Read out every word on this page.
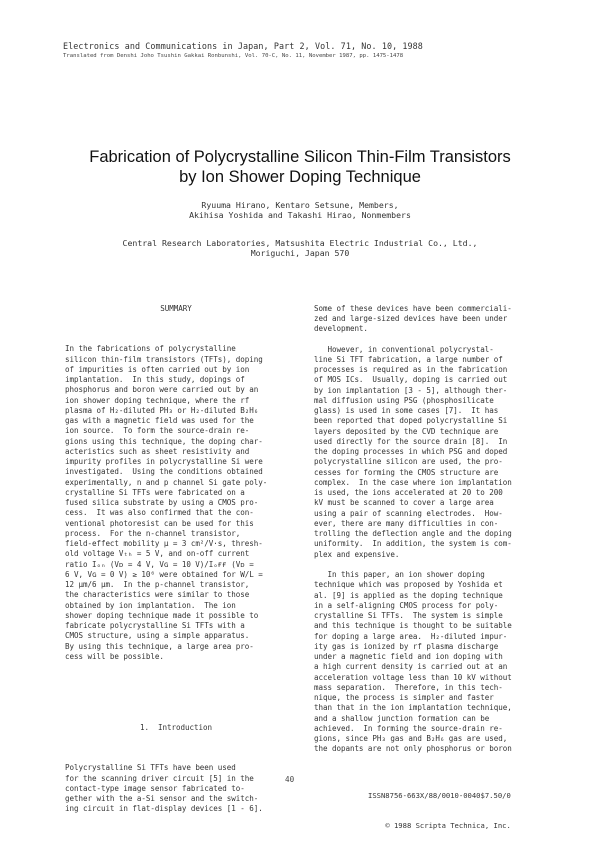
Electronics and Communications in Japan, Part 2, Vol. 71, No. 10, 1988
Translated from Denshi Joho Tsushin Gakkai Ronbunshi, Vol. 70-C, No. 11, November 1987, pp. 1475-1478
Fabrication of Polycrystalline Silicon Thin-Film Transistors
by Ion Shower Doping Technique
Ryuuma Hirano, Kentaro Setsune, Members,
Akihisa Yoshida and Takashi Hirao, Nonmembers
Central Research Laboratories, Matsushita Electric Industrial Co., Ltd.,
Moriguchi, Japan 570

SUMMARY

In the fabrications of polycrystalline
silicon thin-film transistors (TFTs), doping
of impurities is often carried out by ion
implantation.  In this study, dopings of
phosphorus and boron were carried out by an
ion shower doping technique, where the rf
plasma of H₂-diluted PH₃ or H₂-diluted B₂H₆
gas with a magnetic field was used for the
ion source.  To form the source-drain re-
gions using this technique, the doping char-
acteristics such as sheet resistivity and
impurity profiles in polycrystalline Si were
investigated.  Using the conditions obtained
experimentally, n and p channel Si gate poly-
crystalline Si TFTs were fabricated on a
fused silica substrate by using a CMOS pro-
cess.  It was also confirmed that the con-
ventional photoresist can be used for this
process.  For the n-channel transistor,
field-effect mobility μ = 3 cm²/V·s, thresh-
old voltage Vₜₕ = 5 V, and on-off current
ratio Iₒₙ (Vᴅ = 4 V, Vɢ = 10 V)/Iₒғғ (Vᴅ =
6 V, Vɢ = 0 V) ≥ 10⁶ were obtained for W/L =
12 μm/6 μm.  In the p-channel transistor,
the characteristics were similar to those
obtained by ion implantation.  The ion
shower doping technique made it possible to
fabricate polycrystalline Si TFTs with a
CMOS structure, using a simple apparatus.
By using this technique, a large area pro-
cess will be possible.

1.  Introduction

Polycrystalline Si TFTs have been used
for the scanning driver circuit [5] in the
contact-type image sensor fabricated to-
gether with the a-Si sensor and the switch-
ing circuit in flat-display devices [1 - 6].

Some of these devices have been commerciali-
zed and large-sized devices have been under
development.

However, in conventional polycrystal-
line Si TFT fabrication, a large number of
processes is required as in the fabrication
of MOS ICs.  Usually, doping is carried out
by ion implantation [3 - 5], although ther-
mal diffusion using PSG (phosphosilicate
glass) is used in some cases [7].  It has
been reported that doped polycrystalline Si
layers deposited by the CVD technique are
used directly for the source drain [8].  In
the doping processes in which PSG and doped
polycrystalline silicon are used, the pro-
cesses for forming the CMOS structure are
complex.  In the case where ion implantation
is used, the ions accelerated at 20 to 200
kV must be scanned to cover a large area
using a pair of scanning electrodes.  How-
ever, there are many difficulties in con-
trolling the deflection angle and the doping
uniformity.  In addition, the system is com-
plex and expensive.

In this paper, an ion shower doping
technique which was proposed by Yoshida et
al. [9] is applied as the doping technique
in a self-aligning CMOS process for poly-
crystalline Si TFTs.  The system is simple
and this technique is thought to be suitable
for doping a large area.  H₂-diluted impur-
ity gas is ionized by rf plasma discharge
under a magnetic field and ion doping with
a high current density is carried out at an
acceleration voltage less than 10 kV without
mass separation.  Therefore, in this tech-
nique, the process is simpler and faster
than that in the ion implantation technique,
and a shallow junction formation can be
achieved.  In forming the source-drain re-
gions, since PH₃ gas and B₂H₆ gas are used,
the dopants are not only phosphorus or boron

40

ISSN8756-663X/88/0010-0040$7.50/0

© 1988 Scripta Technica, Inc.
